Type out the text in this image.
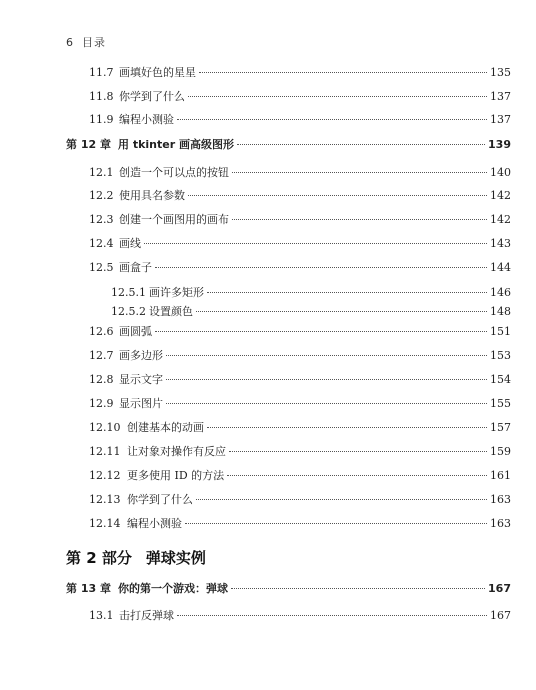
6 目录
11.7 画填好色的星星	135
11.8 你学到了什么	137
11.9 编程小测验	137
第 12 章 用 tkinter 画高级图形	139
12.1 创造一个可以点的按钮	140
12.2 使用具名参数	142
12.3 创建一个画图用的画布	142
12.4 画线	143
12.5 画盒子	144
12.5.1 画许多矩形	146
12.5.2 设置颜色	148
12.6 画圆弧	151
12.7 画多边形	153
12.8 显示文字	154
12.9 显示图片	155
12.10 创建基本的动画	157
12.11 让对象对操作有反应	159
12.12 更多使用 ID 的方法	161
12.13 你学到了什么	163
12.14 编程小测验	163
第 2 部分 弹球实例
第 13 章 你的第一个游戏：弹球	167
13.1 击打反弹球	167
